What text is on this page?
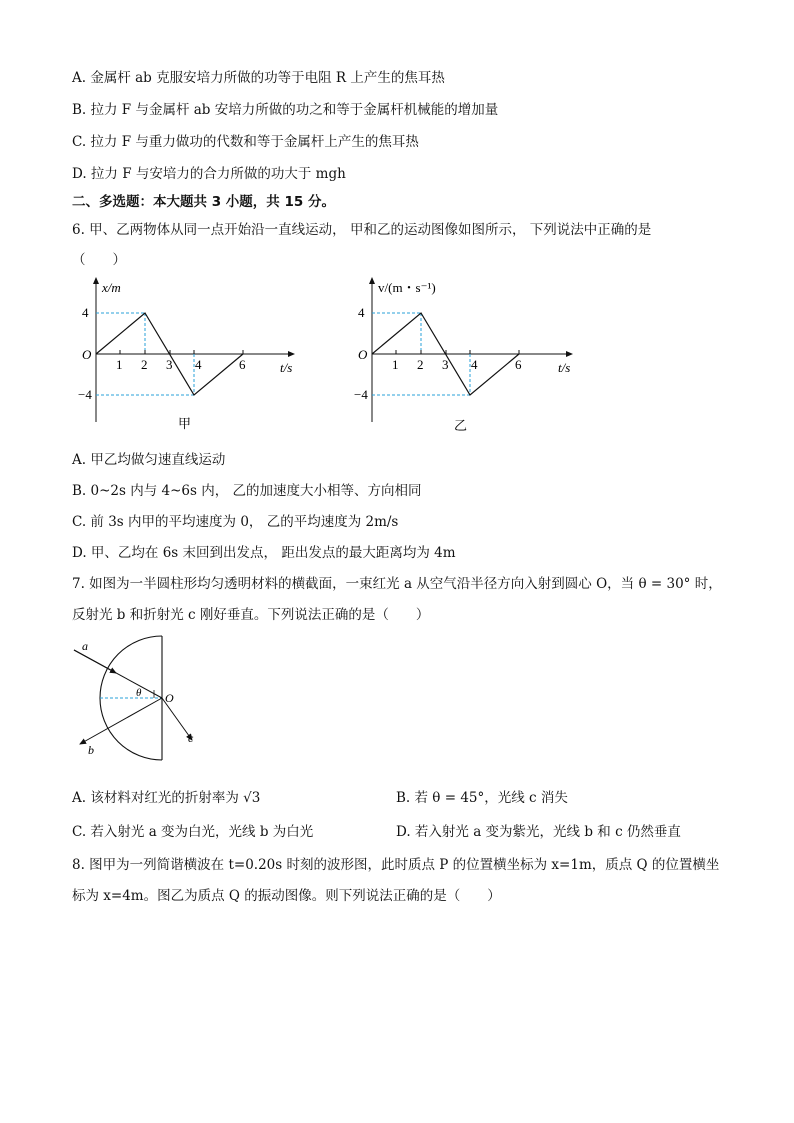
A. 金属杆 ab 克服安培力所做的功等于电阻 R 上产生的焦耳热
B. 拉力 F 与金属杆 ab 安培力所做的功之和等于金属杆机械能的增加量
C. 拉力 F 与重力做功的代数和等于金属杆上产生的焦耳热
D. 拉力 F 与安培力的合力所做的功大于 mgh
二、多选题：本大题共 3 小题，共 15 分。
6. 甲、乙两物体从同一点开始沿一直线运动， 甲和乙的运动图像如图所示， 下列说法中正确的是
（　　）
x/m
t/s
O
4
−4
1 2 3 4	6
甲
v/(m・s⁻¹)
t/s
O
4
−4
1 2 3 4	6
乙
A. 甲乙均做匀速直线运动
B. 0~2s 内与 4~6s 内， 乙的加速度大小相等、方向相同
C. 前 3s 内甲的平均速度为 0， 乙的平均速度为 2m/s
D. 甲、乙均在 6s 末回到出发点， 距出发点的最大距离均为 4m
7. 如图为一半圆柱形均匀透明材料的横截面，一束红光 a 从空气沿半径方向入射到圆心 O，当 θ = 30° 时，
反射光 b 和折射光 c 刚好垂直。下列说法正确的是（　　）
a
b
c
O
θ
A. 该材料对红光的折射率为 √3	B. 若 θ = 45°，光线 c 消失
C. 若入射光 a 变为白光，光线 b 为白光	D. 若入射光 a 变为紫光，光线 b 和 c 仍然垂直
8. 图甲为一列简谐横波在 t=0.20s 时刻的波形图，此时质点 P 的位置横坐标为 x=1m，质点 Q 的位置横坐
标为 x=4m。图乙为质点 Q 的振动图像。则下列说法正确的是（　　）
